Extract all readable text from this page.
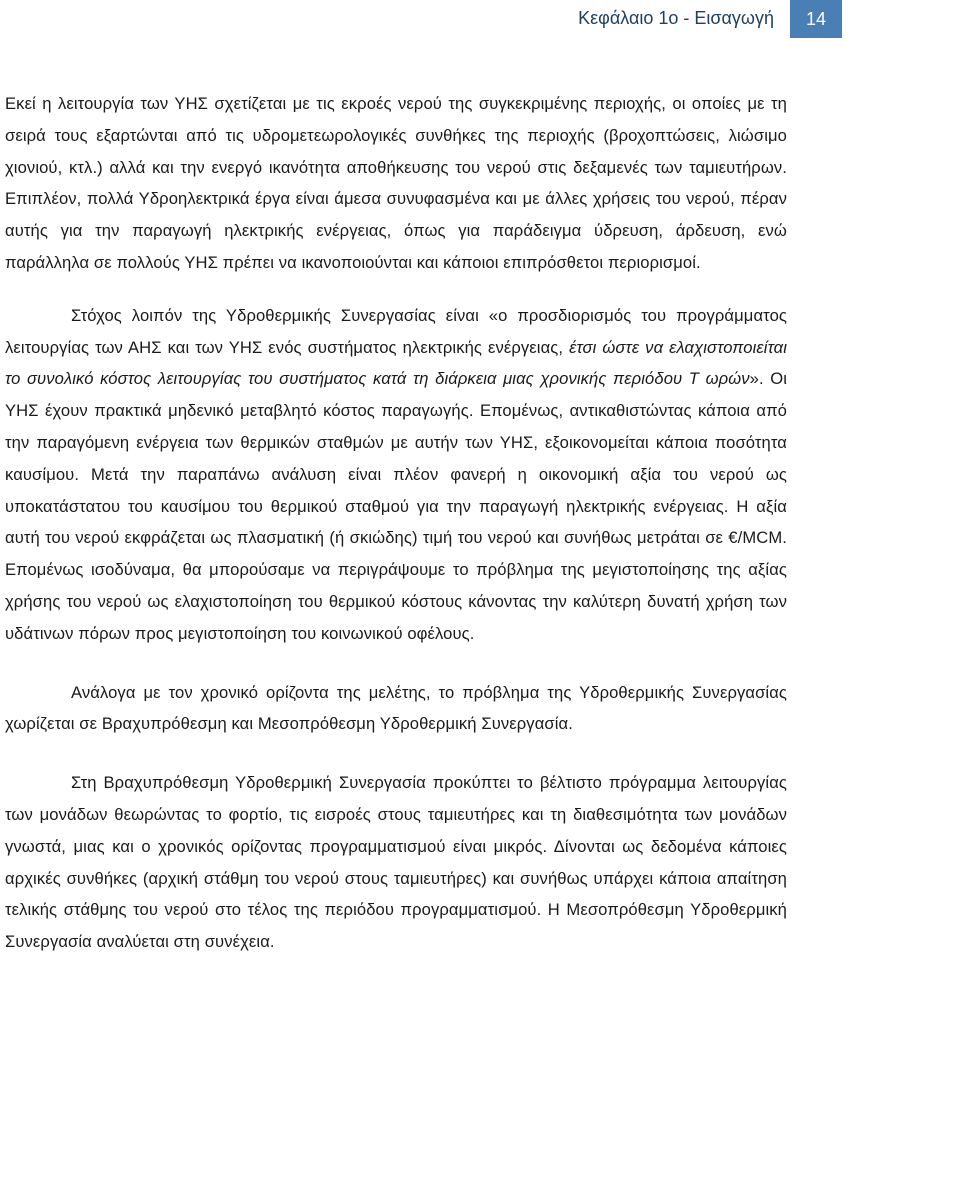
Κεφάλαιο 1ο - Εισαγωγή	14

Εκεί η λειτουργία των ΥΗΣ σχετίζεται με τις εκροές νερού της συγκεκριμένης περιοχής, οι οποίες με τη σειρά τους εξαρτώνται από τις υδρομετεωρολογικές συνθήκες της περιοχής (βροχοπτώσεις, λιώσιμο χιονιού, κτλ.) αλλά και την ενεργό ικανότητα αποθήκευσης του νερού στις δεξαμενές των ταμιευτήρων. Επιπλέον, πολλά Υδροηλεκτρικά έργα είναι άμεσα συνυφασμένα και με άλλες χρήσεις του νερού, πέραν αυτής για την παραγωγή ηλεκτρικής ενέργειας, όπως για παράδειγμα ύδρευση, άρδευση, ενώ παράλληλα σε πολλούς ΥΗΣ πρέπει να ικανοποιούνται και κάποιοι επιπρόσθετοι περιορισμοί.

Στόχος λοιπόν της Υδροθερμικής Συνεργασίας είναι «ο προσδιορισμός του προγράμματος λειτουργίας των ΑΗΣ και των ΥΗΣ ενός συστήματος ηλεκτρικής ενέργειας, έτσι ώστε να ελαχιστοποιείται το συνολικό κόστος λειτουργίας του συστήματος κατά τη διάρκεια μιας χρονικής περιόδου T ωρών». Οι ΥΗΣ έχουν πρακτικά μηδενικό μεταβλητό κόστος παραγωγής. Επομένως, αντικαθιστώντας κάποια από την παραγόμενη ενέργεια των θερμικών σταθμών με αυτήν των ΥΗΣ, εξοικονομείται κάποια ποσότητα καυσίμου. Μετά την παραπάνω ανάλυση είναι πλέον φανερή η οικονομική αξία του νερού ως υποκατάστατου του καυσίμου του θερμικού σταθμού για την παραγωγή ηλεκτρικής ενέργειας. Η αξία αυτή του νερού εκφράζεται ως πλασματική (ή σκιώδης) τιμή του νερού και συνήθως μετράται σε €/MCM. Επομένως ισοδύναμα, θα μπορούσαμε να περιγράψουμε το πρόβλημα της μεγιστοποίησης της αξίας χρήσης του νερού ως ελαχιστοποίηση του θερμικού κόστους κάνοντας την καλύτερη δυνατή χρήση των υδάτινων πόρων προς μεγιστοποίηση του κοινωνικού οφέλους.

Ανάλογα με τον χρονικό ορίζοντα της μελέτης, το πρόβλημα της Υδροθερμικής Συνεργασίας χωρίζεται σε Βραχυπρόθεσμη και Μεσοπρόθεσμη Υδροθερμική Συνεργασία.

Στη Βραχυπρόθεσμη Υδροθερμική Συνεργασία προκύπτει το βέλτιστο πρόγραμμα λειτουργίας των μονάδων θεωρώντας το φορτίο, τις εισροές στους ταμιευτήρες και τη διαθεσιμότητα των μονάδων γνωστά, μιας και ο χρονικός ορίζοντας προγραμματισμού είναι μικρός. Δίνονται ως δεδομένα κάποιες αρχικές συνθήκες (αρχική στάθμη του νερού στους ταμιευτήρες) και συνήθως υπάρχει κάποια απαίτηση τελικής στάθμης του νερού στο τέλος της περιόδου προγραμματισμού. Η Μεσοπρόθεσμη Υδροθερμική Συνεργασία αναλύεται στη συνέχεια.
